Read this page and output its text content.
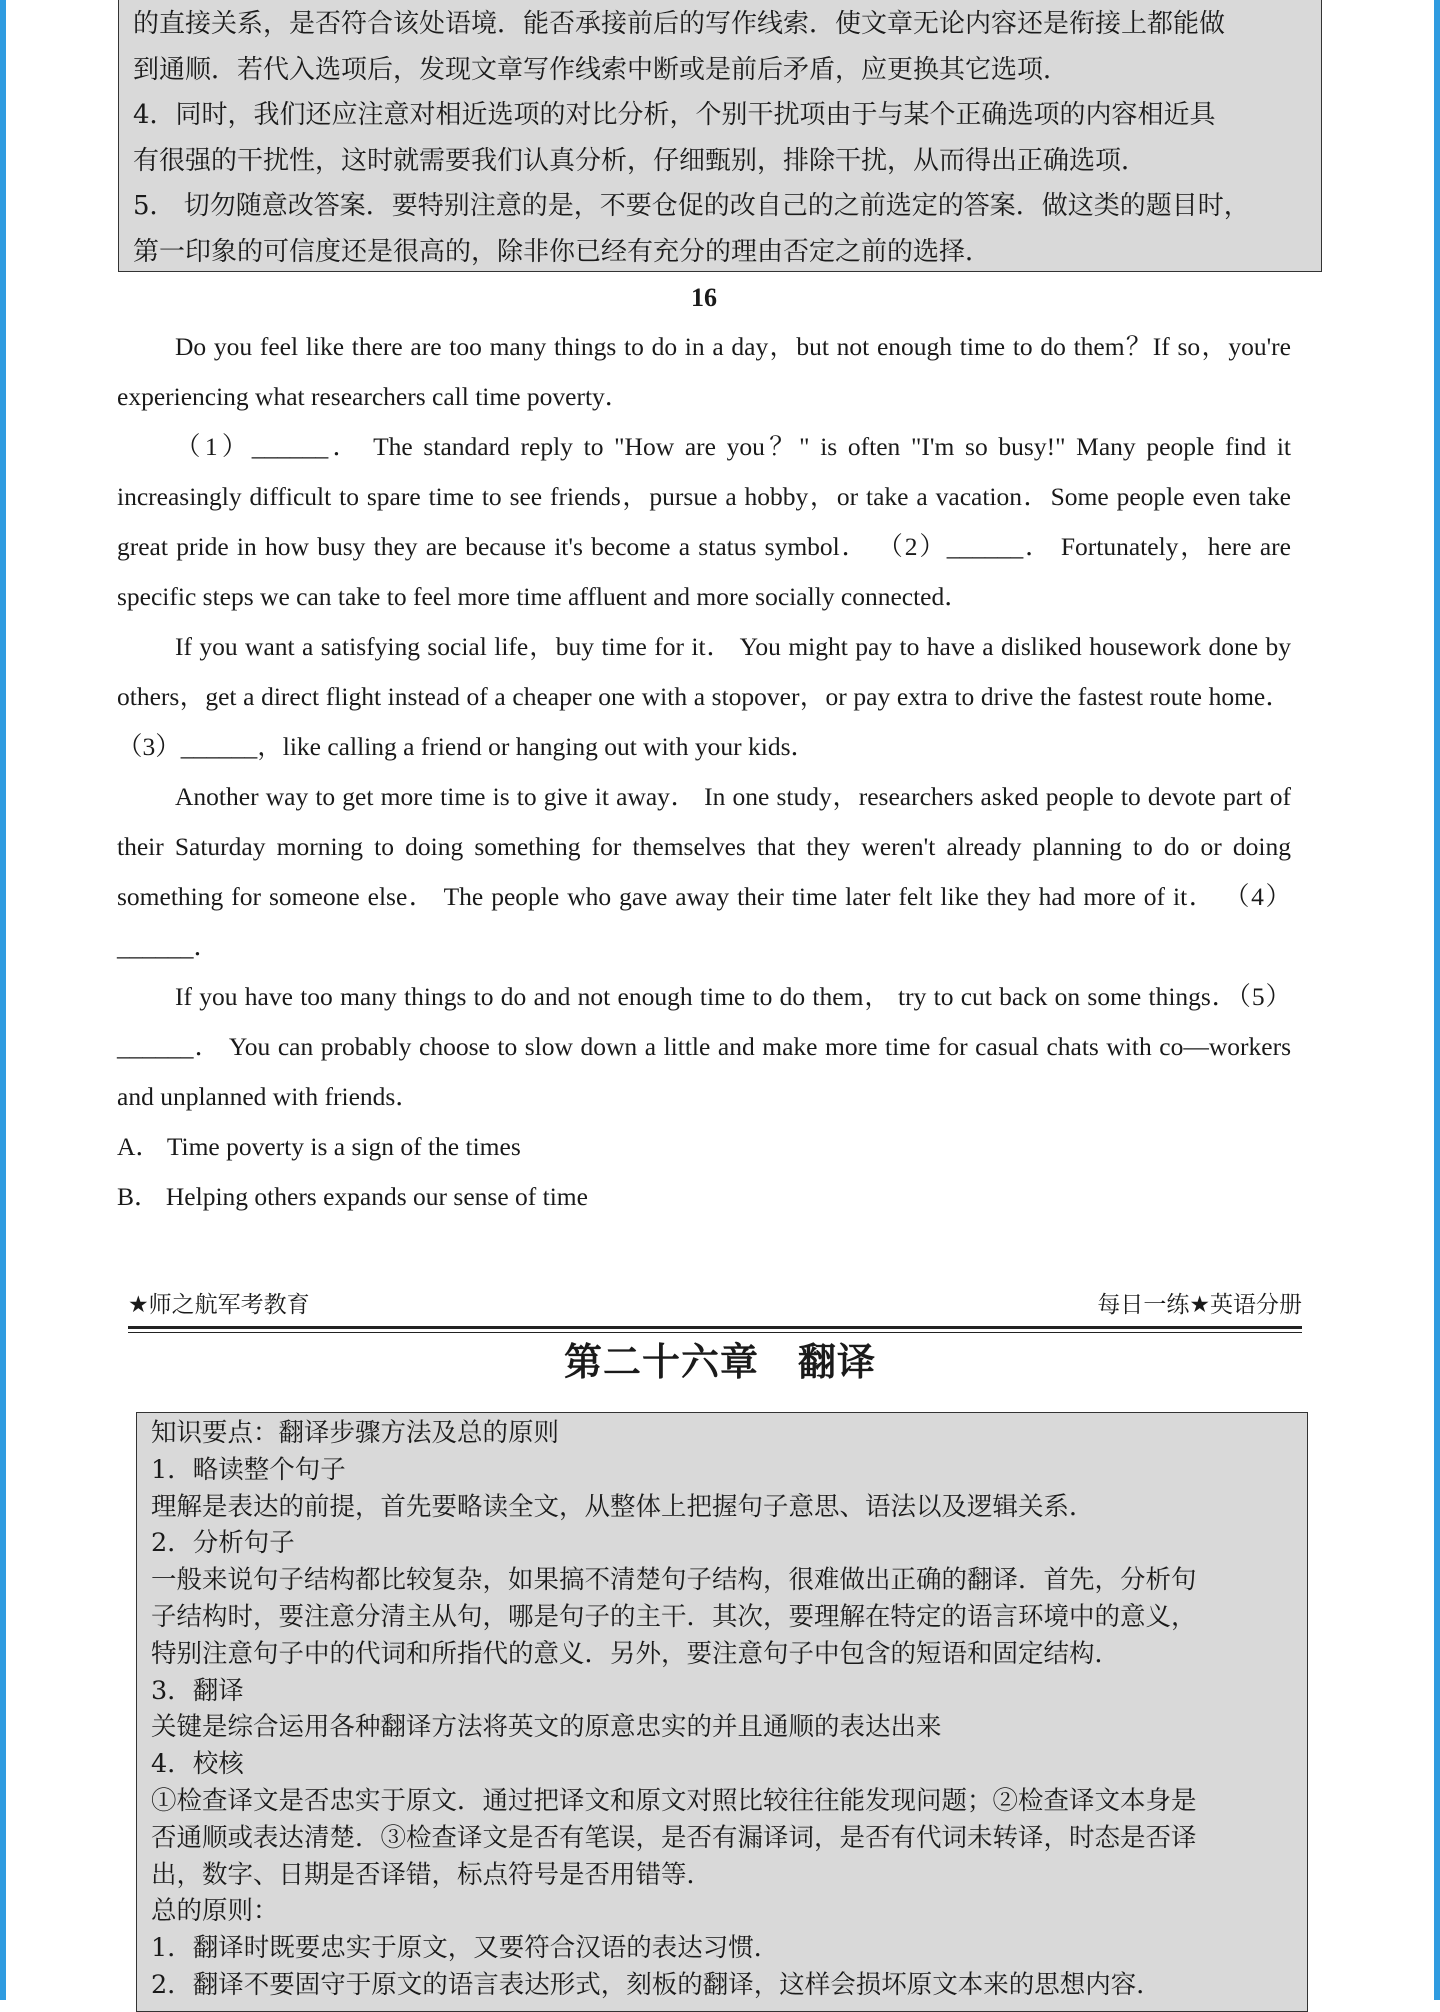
的直接关系，是否符合该处语境．能否承接前后的写作线索．使文章无论内容还是衔接上都能做

到通顺．若代入选项后，发现文章写作线索中断或是前后矛盾，应更换其它选项．

4．同时，我们还应注意对相近选项的对比分析，个别干扰项由于与某个正确选项的内容相近具

有很强的干扰性，这时就需要我们认真分析，仔细甄别，排除干扰，从而得出正确选项．

5． 切勿随意改答案．要特别注意的是，不要仓促的改自己的之前选定的答案．做这类的题目时，

第一印象的可信度还是很高的，除非你已经有充分的理由否定之前的选择．

16

Do you feel like there are too many things to do in a day，but not enough time to do them？If so，you're experiencing what researchers call time poverty．

（1）______． The standard reply to "How are you？" is often "I'm so busy!" Many people find it increasingly difficult to spare time to see friends，pursue a hobby，or take a vacation．Some people even take great pride in how busy they are because it's become a status symbol． （2）______． Fortunately，here are specific steps we can take to feel more time affluent and more socially connected．

If you want a satisfying social life，buy time for it． You might pay to have a disliked housework done by others，get a direct flight instead of a cheaper one with a stopover，or pay extra to drive the fastest route home． （3）______，like calling a friend or hanging out with your kids．

Another way to get more time is to give it away． In one study，researchers asked people to devote part of their Saturday morning to doing something for themselves that they weren't already planning to do or doing something for someone else． The people who gave away their time later felt like they had more of it． （4）______．

If you have too many things to do and not enough time to do them， try to cut back on some things．（5）______． You can probably choose to slow down a little and make more time for casual chats with co—workers and unplanned with friends．

A． Time poverty is a sign of the times

B． Helping others expands our sense of time

★师之航军考教育	每日一练★英语分册
第二十六章　翻译

知识要点：翻译步骤方法及总的原则

1．略读整个句子

理解是表达的前提，首先要略读全文，从整体上把握句子意思、语法以及逻辑关系．

2．分析句子

一般来说句子结构都比较复杂，如果搞不清楚句子结构，很难做出正确的翻译．首先，分析句

子结构时，要注意分清主从句，哪是句子的主干．其次，要理解在特定的语言环境中的意义，

特别注意句子中的代词和所指代的意义．另外，要注意句子中包含的短语和固定结构．

3．翻译

关键是综合运用各种翻译方法将英文的原意忠实的并且通顺的表达出来

4．校核

①检查译文是否忠实于原文．通过把译文和原文对照比较往往能发现问题；②检查译文本身是

否通顺或表达清楚．③检查译文是否有笔误，是否有漏译词，是否有代词未转译，时态是否译

出，数字、日期是否译错，标点符号是否用错等．

总的原则：

1．翻译时既要忠实于原文，又要符合汉语的表达习惯．

2．翻译不要固守于原文的语言表达形式，刻板的翻译，这样会损坏原文本来的思想内容．
